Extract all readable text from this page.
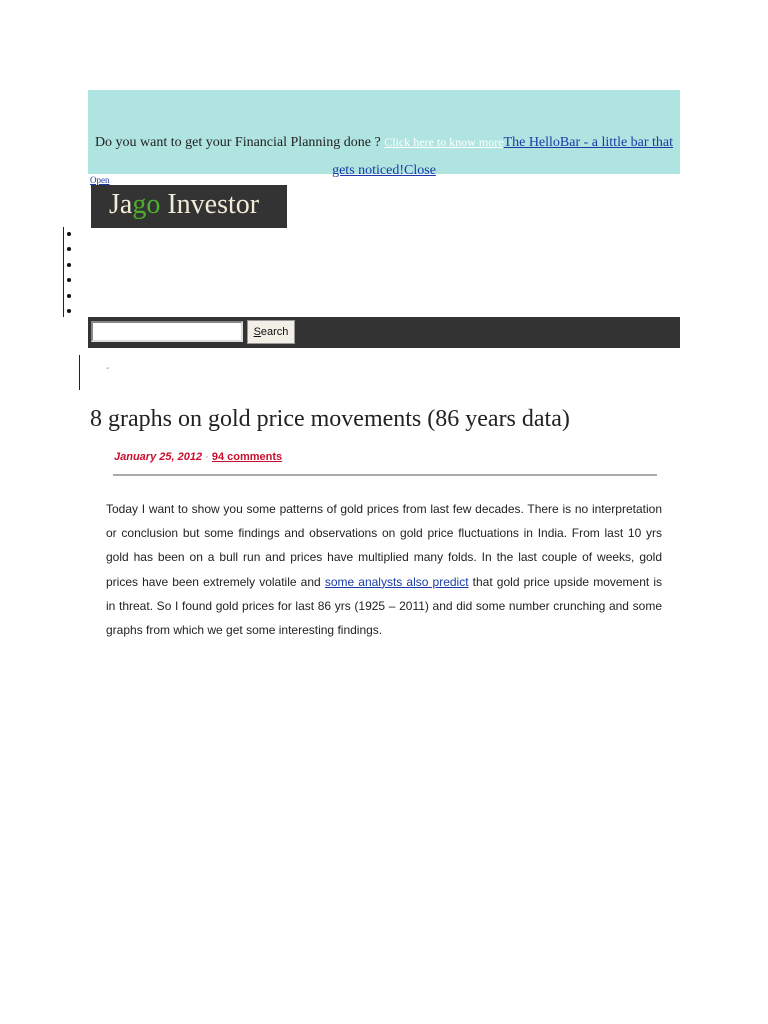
Do you want to get your Financial Planning done ? Click here to know moreThe HelloBar - a little bar that gets noticed!Close
Open
Jago Investor
Search
-
8 graphs on gold price movements (86 years data)
January 25, 2012 · 94 comments

Today I want to show you some patterns of gold prices from last few decades. There is no interpretation or conclusion but some findings and observations on gold price fluctuations in India. From last 10 yrs gold has been on a bull run and prices have multiplied many folds. In the last couple of weeks, gold prices have been extremely volatile and some analysts also predict that gold price upside movement is in threat. So I found gold prices for last 86 yrs (1925 – 2011) and did some number crunching and some graphs from which we get some interesting findings.
